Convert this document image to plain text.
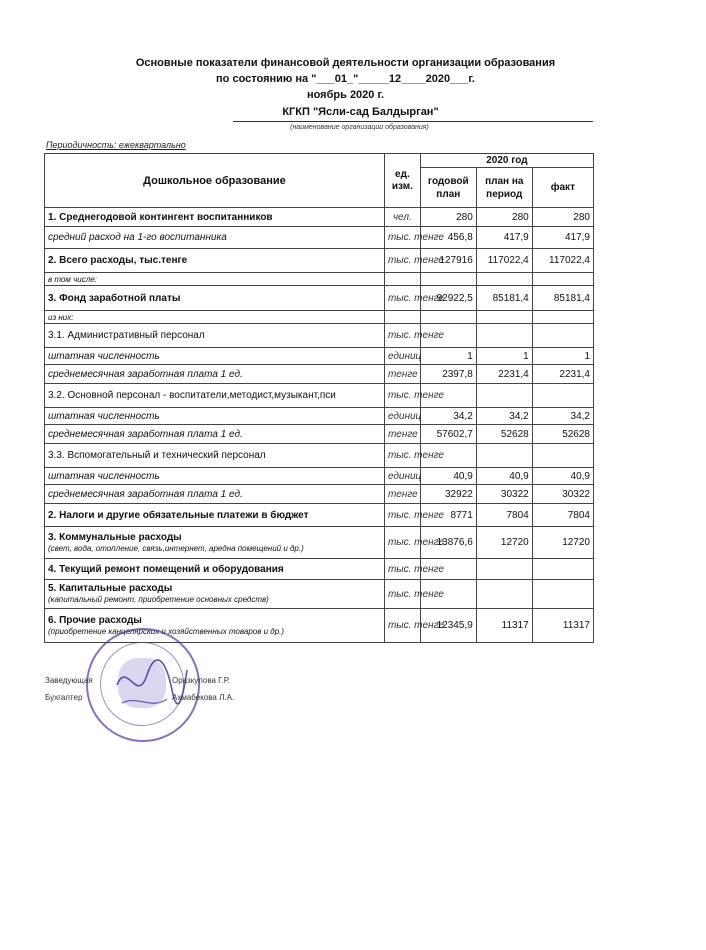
Основные показатели финансовой деятельности организации образования
по состоянию на "___01_"_____12____2020___г.
ноябрь 2020 г.
КГКП "Ясли-сад Балдырган"
(наименование организации образования)
Периодичность: ежеквартально
Дошкольное образование	ед. изм.	2020 год		
		годовой план	план на период	факт
1. Среднегодовой контингент воспитанников	чел.	280	280	280
средний расход на 1-го воспитанника	тыс. тенге	456,8	417,9	417,9
2. Всего расходы, тыс.тенге	тыс. тенге	127916	117022,4	117022,4
в том числе:				
3. Фонд заработной платы	тыс. тенге	92922,5	85181,4	85181,4
из них:				
3.1. Административный персонал	тыс. тенге			
штатная численность	единиц	1	1	1
среднемесячная заработная плата 1 ед.	тенге	2397,8	2231,4	2231,4
3.2. Основной персонал - воспитатели,методист,музыкант,пси	тыс. тенге			
штатная численность	единиц	34,2	34,2	34,2
среднемесячная заработная плата 1 ед.	тенге	57602,7	52628	52628
3.3. Вспомогательный и технический персонал	тыс. тенге			
штатная численность	единиц	40,9	40,9	40,9
среднемесячная заработная плата 1 ед.	тенге	32922	30322	30322
2. Налоги и другие обязательные платежи в бюджет	тыс. тенге	8771	7804	7804
3. Коммунальные расходы
(свет, вода, отопление, связь,интернет, аредна помещений и др.)	тыс. тенге	13876,6	12720	12720
4. Текущий ремонт помещений и оборудования	тыс. тенге			
5. Капитальные расходы
(капитальный ремонт, приобретение основных средств)	тыс. тенге			
6. Прочие расходы
(приобретение канцелярских и хозяйственных товаров и др.)	тыс. тенге	12345,9	11317	11317
Заведующая	Оразкулова Г.Р.
Бухгалтер	Ахмабекова Л.А.
